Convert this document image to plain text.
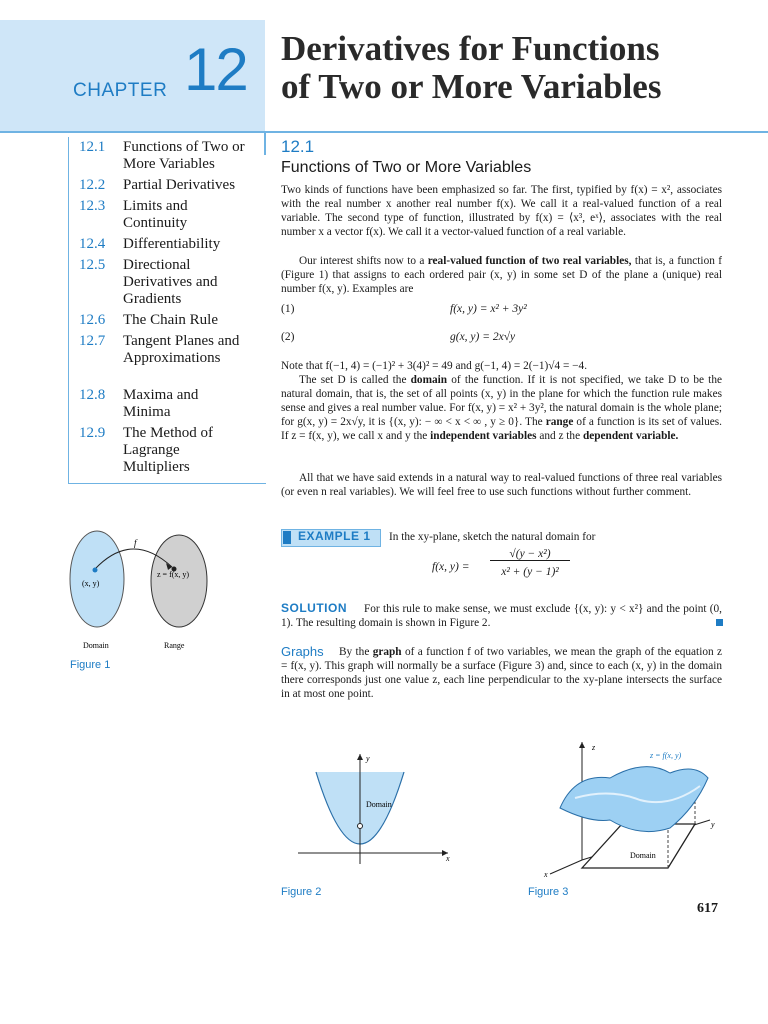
CHAPTER 12 Derivatives for Functions
of Two or More Variables
12.1 Functions of Two or More Variables
12.2 Partial Derivatives
12.3 Limits and Continuity
12.4 Differentiability
12.5 Directional Derivatives and Gradients
12.6 The Chain Rule
12.7 Tangent Planes and Approximations
12.8 Maxima and Minima
12.9 The Method of Lagrange Multipliers
12.1
Functions of Two or More Variables
Two kinds of functions have been emphasized so far. The first, typified by f(x) = x², associates with the real number x another real number f(x). We call it a real-valued function of a real variable. The second type of function, illustrated by f(x) = ⟨x³, eˣ⟩, associates with the real number x a vector f(x). We call it a vector-valued function of a real variable.
Our interest shifts now to a real-valued function of two real variables, that is, a function f (Figure 1) that assigns to each ordered pair (x, y) in some set D of the plane a (unique) real number f(x, y). Examples are
(1)	f(x, y) = x² + 3y²
(2)	g(x, y) = 2x√y
Note that f(−1, 4) = (−1)² + 3(4)² = 49 and g(−1, 4) = 2(−1)√4 = −4.
The set D is called the domain of the function. If it is not specified, we take D to be the natural domain, that is, the set of all points (x, y) in the plane for which the function rule makes sense and gives a real number value. For f(x, y) = x² + 3y², the natural domain is the whole plane; for g(x, y) = 2x√y, it is {(x, y): − ∞ < x < ∞ , y ≥ 0}. The range of a function is its set of values. If z = f(x, y), we call x and y the independent variables and z the dependent variable.
All that we have said extends in a natural way to real-valued functions of three real variables (or even n real variables). We will feel free to use such functions without further comment.
EXAMPLE 1 In the xy-plane, sketch the natural domain for
f(x, y) =
√(y − x²)
x² + (y − 1)²
SOLUTION	For this rule to make sense, we must exclude {(x, y): y < x²} and the point (0, 1). The resulting domain is shown in Figure 2.
Graphs	By the graph of a function f of two variables, we mean the graph of the equation z = f(x, y). This graph will normally be a surface (Figure 3) and, since to each (x, y) in the domain there corresponds just one value z, each line perpendicular to the xy-plane intersects the surface in at most one point.
f
(x, y)
z = f(x, y)
Domain	Range
Figure 1
Domain
x
y
Figure 2
Domain
z = f(x, y)
z
y
x
Figure 3
617
